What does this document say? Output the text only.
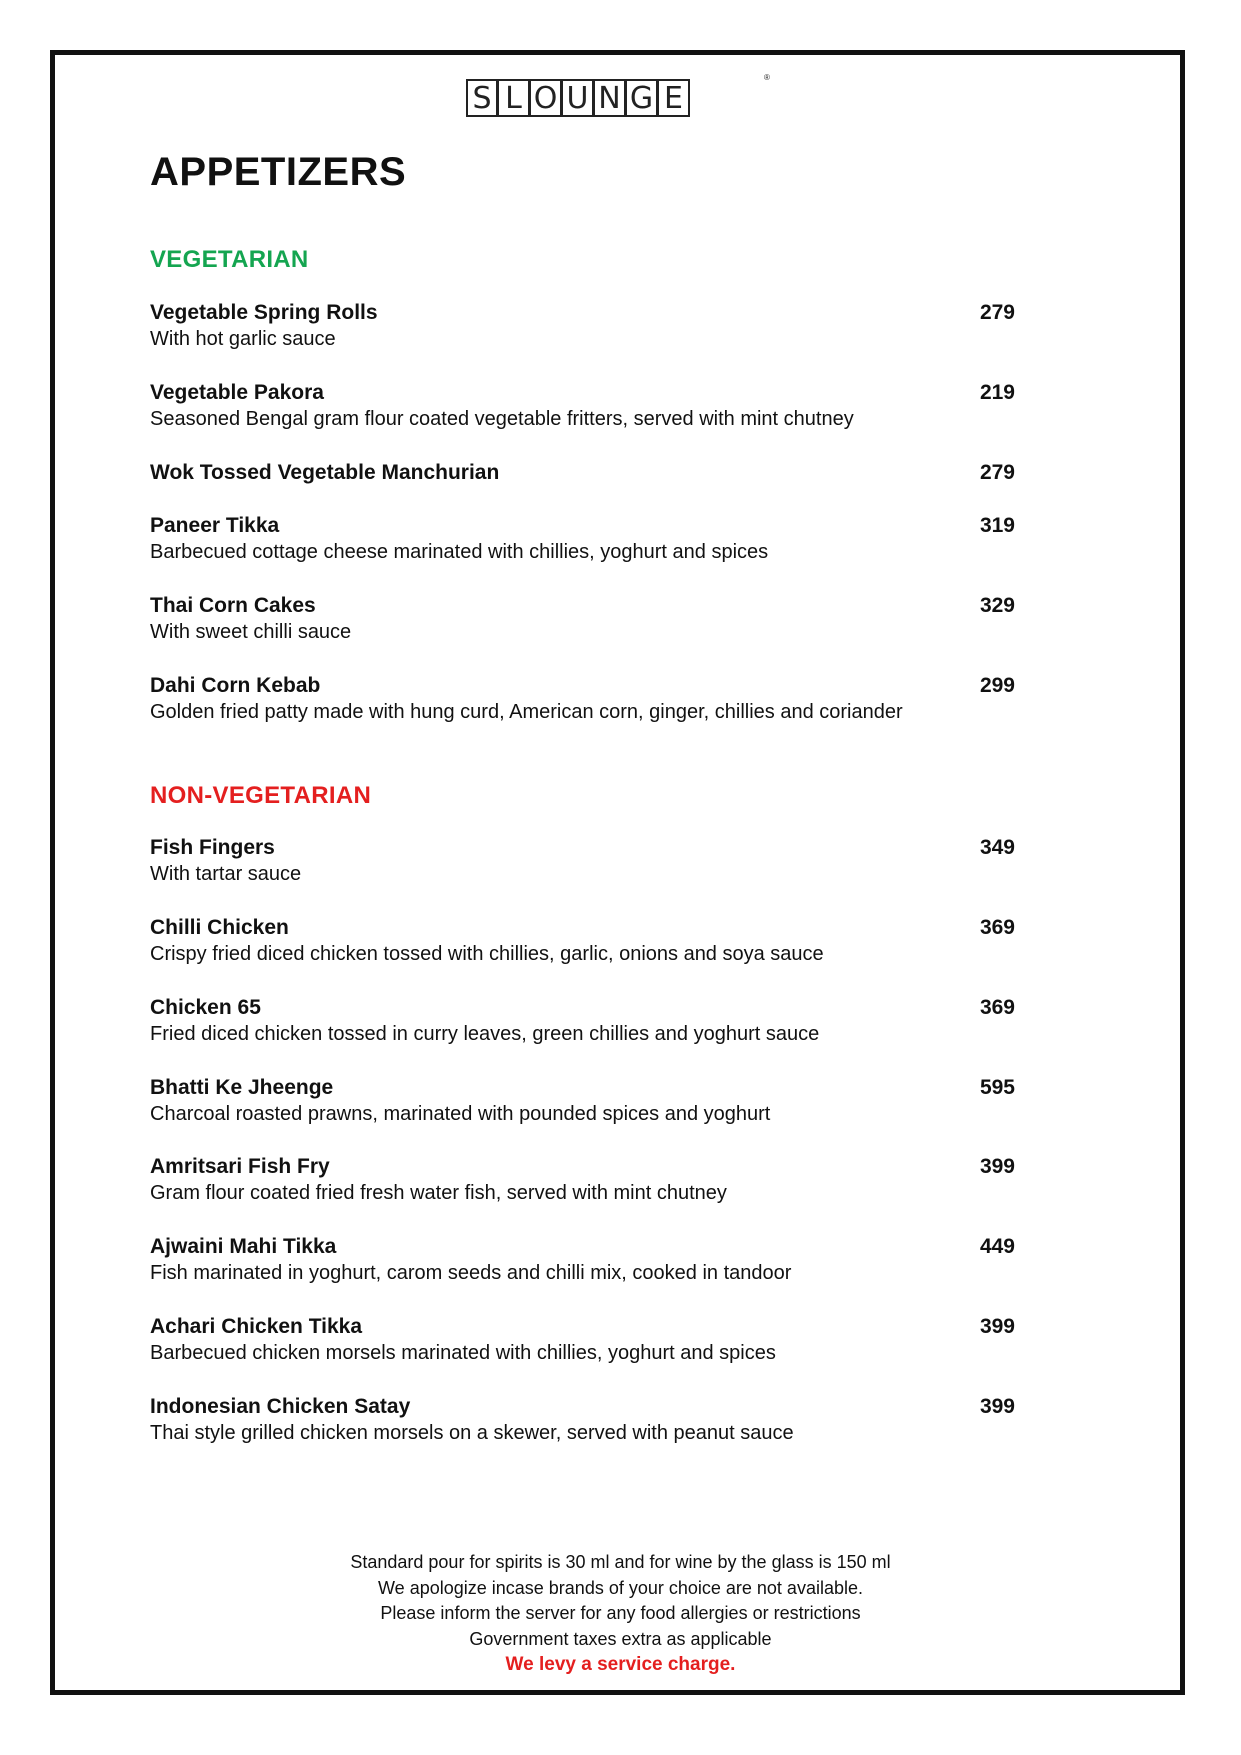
S L O U N G E
®
APPETIZERS
VEGETARIAN
Vegetable Spring Rolls
With hot garlic sauce
279
Vegetable Pakora
Seasoned Bengal gram flour coated vegetable fritters, served with mint chutney
219
Wok Tossed Vegetable Manchurian	279
Paneer Tikka
Barbecued cottage cheese marinated with chillies, yoghurt and spices
319
Thai Corn Cakes
With sweet chilli sauce
329
Dahi Corn Kebab
Golden fried patty made with hung curd, American corn, ginger, chillies and coriander
299
NON-VEGETARIAN
Fish Fingers
With tartar sauce
349
Chilli Chicken
Crispy fried diced chicken tossed with chillies, garlic, onions and soya sauce
369
Chicken 65
Fried diced chicken tossed in curry leaves, green chillies and yoghurt sauce
369
Bhatti Ke Jheenge
Charcoal roasted prawns, marinated with pounded spices and yoghurt
595
Amritsari Fish Fry
Gram flour coated fried fresh water fish, served with mint chutney
399
Ajwaini Mahi Tikka
Fish marinated in yoghurt, carom seeds and chilli mix, cooked in tandoor
449
Achari Chicken Tikka
Barbecued chicken morsels marinated with chillies, yoghurt and spices
399
Indonesian Chicken Satay
Thai style grilled chicken morsels on a skewer, served with peanut sauce
399
Standard pour for spirits is 30 ml and for wine by the glass is 150 ml
We apologize incase brands of your choice are not available.
Please inform the server for any food allergies or restrictions
Government taxes extra as applicable
We levy a service charge.
